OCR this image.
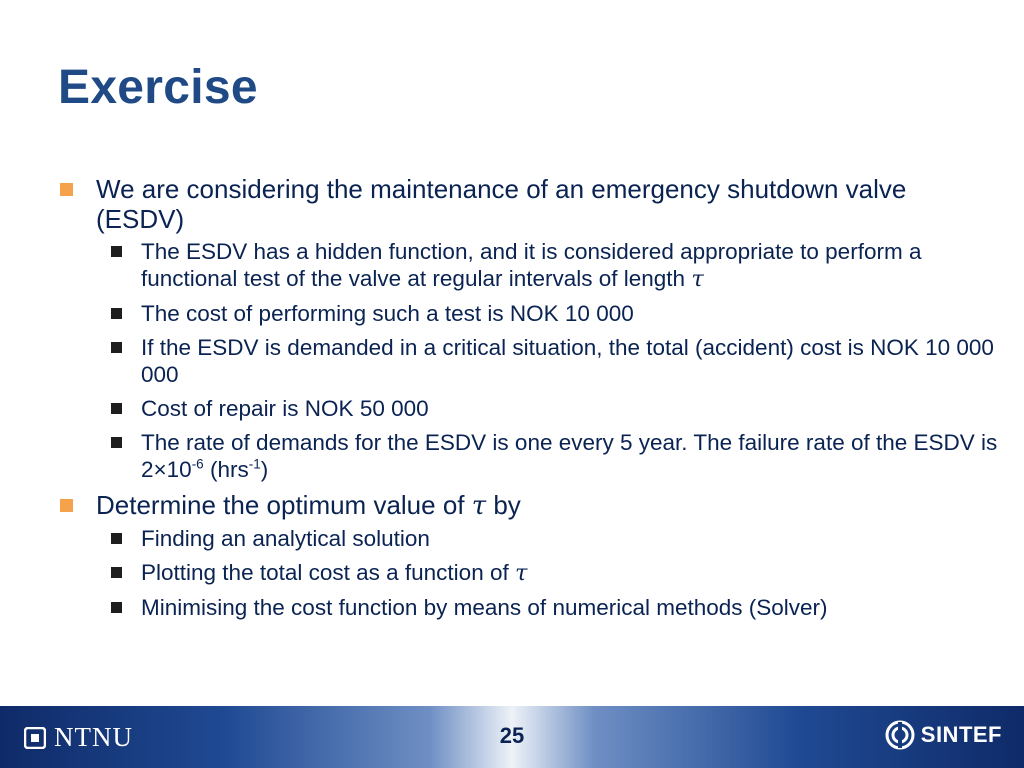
Exercise
We are considering the maintenance of an emergency shutdown valve (ESDV)
The ESDV has a hidden function, and it is considered appropriate to perform a functional test of the valve at regular intervals of length τ
The cost of performing such a test is NOK 10 000
If the ESDV is demanded in a critical situation, the total (accident) cost is NOK 10 000 000
Cost of repair is NOK 50 000
The rate of demands for the ESDV is one every 5 year. The failure rate of the ESDV is $2\times 10^{-6}$ (hrs$^{-1}$)
Determine the optimum value of τ by
Finding an analytical solution
Plotting the total cost as a function of τ
Minimising the cost function by means of numerical methods (Solver)
NTNU	25	SINTEF
